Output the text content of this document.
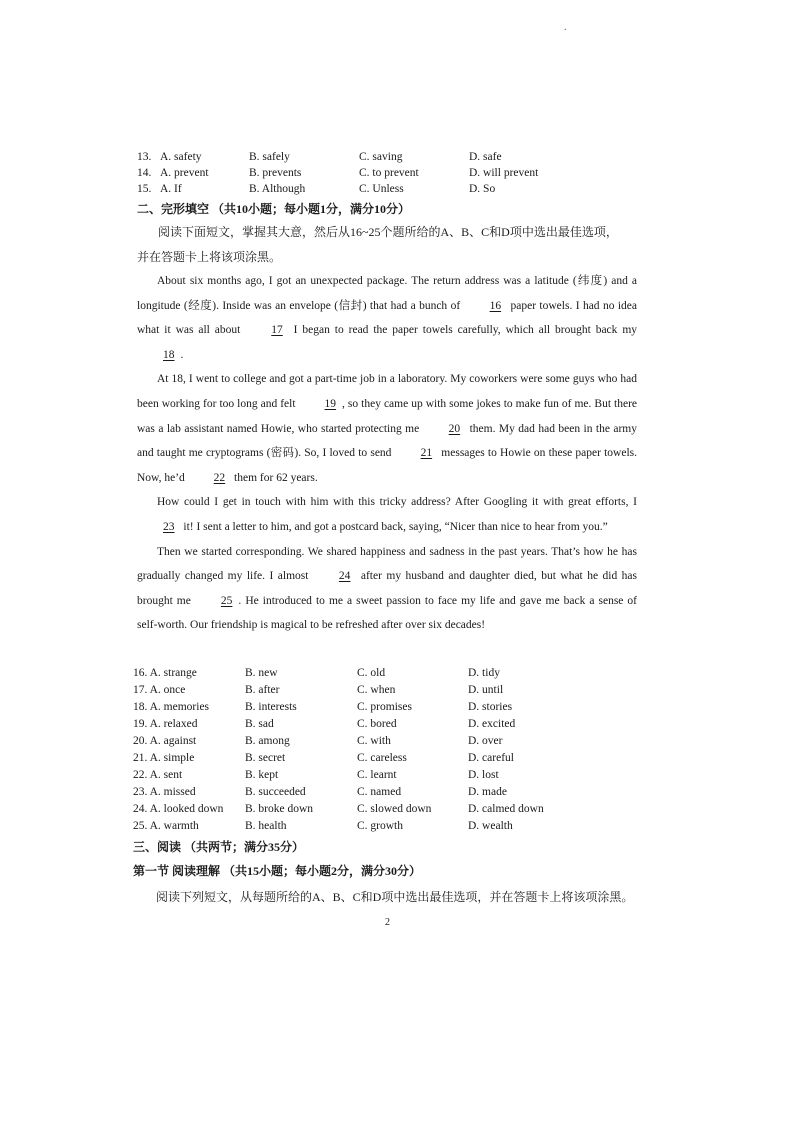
.
13. A. safety	B. safely	C. saving	D. safe
14. A. prevent	B. prevents	C. to prevent	D. will prevent
15. A. If	B. Although	C. Unless	D. So
二、完形填空 （共10小题；每小题1分，满分10分）
阅读下面短文，掌握其大意，然后从16~25个题所给的A、B、C和D项中选出最佳选项，
并在答题卡上将该项涂黑。

About six months ago, I got an unexpected package. The return address was a latitude (纬度) and a longitude (经度). Inside was an envelope (信封) that had a bunch of	16 paper towels. I had no idea what it was all about	17 I began to read the paper towels carefully, which all brought back my 18 .

At 18, I went to college and got a part-time job in a laboratory. My coworkers were some guys who had been working for too long and felt	19 , so they came up with some jokes to make fun of me. But there was a lab assistant named Howie, who started protecting me	20 them. My dad had been in the army and taught me cryptograms (密码). So, I loved to send	21 messages to Howie on these paper towels. Now, he’d	22 them for 62 years.

How could I get in touch with him with this tricky address? After Googling it with great efforts, I 23 it! I sent a letter to him, and got a postcard back, saying, “Nicer than nice to hear from you.”

Then we started corresponding. We shared happiness and sadness in the past years. That’s how he has gradually changed my life. I almost	24 after my husband and daughter died, but what he did has brought me	25 . He introduced to me a sweet passion to face my life and gave me back a sense of self-worth. Our friendship is magical to be refreshed after over six decades!

16. A. strange	B. new	C. old	D. tidy
17. A. once	B. after	C. when	D. until
18. A. memories	B. interests	C. promises	D. stories
19. A. relaxed	B. sad	C. bored	D. excited
20. A. against	B. among	C. with	D. over
21. A. simple	B. secret	C. careless	D. careful
22. A. sent	B. kept	C. learnt	D. lost
23. A. missed	B. succeeded	C. named	D. made
24. A. looked down B. broke down	C. slowed down	D. calmed down
25. A. warmth	B. health	C. growth	D. wealth
三、阅读 （共两节；满分35分）
第一节 阅读理解 （共15小题；每小题2分，满分30分）
阅读下列短文，从每题所给的A、B、C和D项中选出最佳选项，并在答题卡上将该项涂黑。
2
